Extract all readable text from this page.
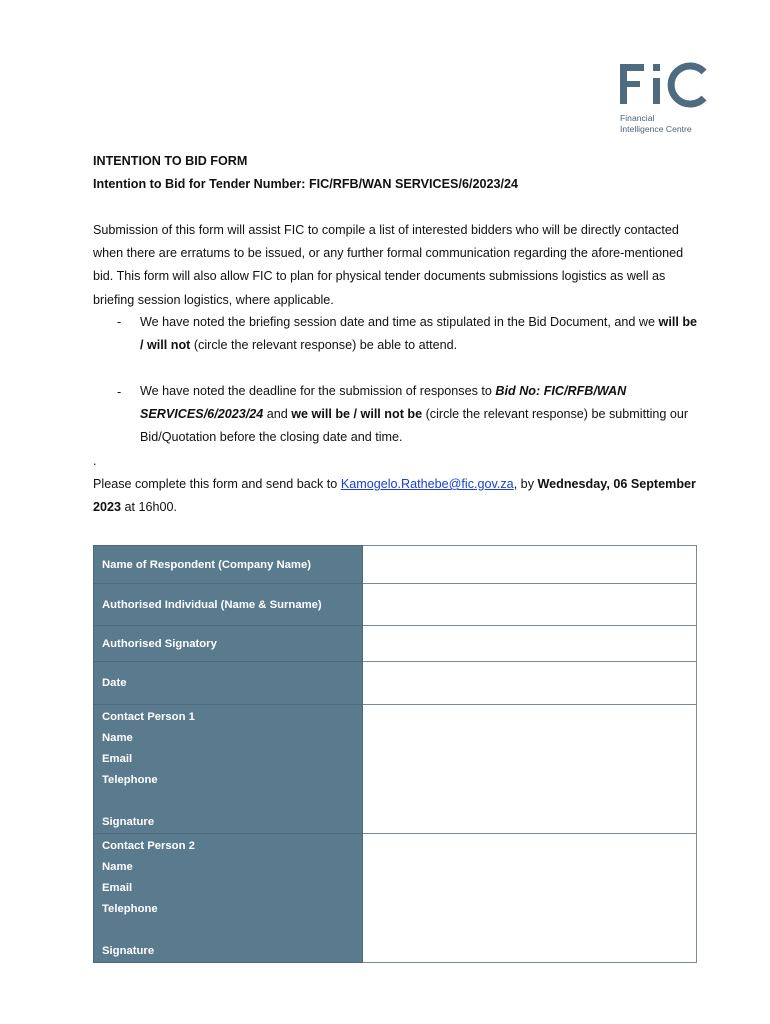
Financial
Intelligence Centre
INTENTION TO BID FORM
Intention to Bid for Tender Number: FIC/RFB/WAN SERVICES/6/2023/24
Submission of this form will assist FIC to compile a list of interested bidders who will be directly contacted when there are erratums to be issued, or any further formal communication regarding the afore-mentioned bid. This form will also allow FIC to plan for physical tender documents submissions logistics as well as briefing session logistics, where applicable.
- We have noted the briefing session date and time as stipulated in the Bid Document, and we will be / will not (circle the relevant response) be able to attend.
- We have noted the deadline for the submission of responses to Bid No: FIC/RFB/WAN SERVICES/6/2023/24 and we will be / will not be (circle the relevant response) be submitting our Bid/Quotation before the closing date and time.
.
Please complete this form and send back to Kamogelo.Rathebe@fic.gov.za, by Wednesday, 06 September 2023 at 16h00.
Name of Respondent (Company Name)	
Authorised Individual (Name & Surname)	
Authorised Signatory	
Date	

Contact Person 1
Name
Email
Telephone
Signature	

Contact Person 2
Name
Email
Telephone
Signature	
